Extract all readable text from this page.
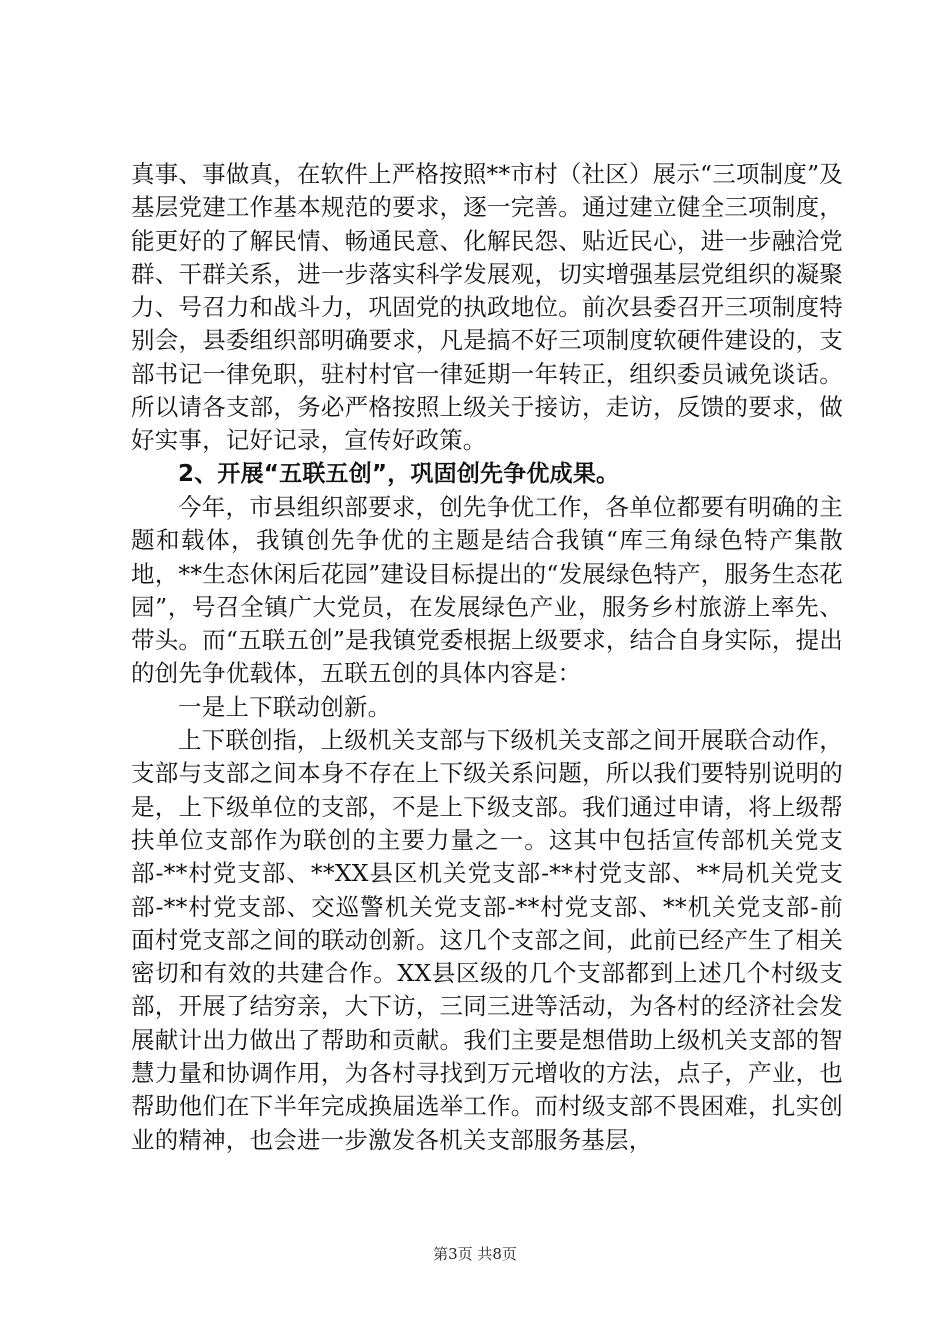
真事、事做真，在软件上严格按照**市村（社区）展示“三项制度”及基层党建工作基本规范的要求，逐一完善。通过建立健全三项制度，能更好的了解民情、畅通民意、化解民怨、贴近民心，进一步融洽党群、干群关系，进一步落实科学发展观，切实增强基层党组织的凝聚力、号召力和战斗力，巩固党的执政地位。前次县委召开三项制度特别会，县委组织部明确要求，凡是搞不好三项制度软硬件建设的，支部书记一律免职，驻村村官一律延期一年转正，组织委员诫免谈话。所以请各支部，务必严格按照上级关于接访，走访，反馈的要求，做好实事，记好记录，宣传好政策。

2、开展“五联五创”，巩固创先争优成果。

今年，市县组织部要求，创先争优工作，各单位都要有明确的主题和载体，我镇创先争优的主题是结合我镇“库三角绿色特产集散地，**生态休闲后花园”建设目标提出的“发展绿色特产，服务生态花园”，号召全镇广大党员，在发展绿色产业，服务乡村旅游上率先、带头。而“五联五创”是我镇党委根据上级要求，结合自身实际，提出的创先争优载体，五联五创的具体内容是：

一是上下联动创新。

上下联创指，上级机关支部与下级机关支部之间开展联合动作，支部与支部之间本身不存在上下级关系问题，所以我们要特别说明的是，上下级单位的支部，不是上下级支部。我们通过申请，将上级帮扶单位支部作为联创的主要力量之一。这其中包括宣传部机关党支部-**村党支部、**XX县区机关党支部-**村党支部、**局机关党支部-**村党支部、交巡警机关党支部-**村党支部、**机关党支部-前面村党支部之间的联动创新。这几个支部之间，此前已经产生了相关密切和有效的共建合作。XX县区级的几个支部都到上述几个村级支部，开展了结穷亲，大下访，三同三进等活动，为各村的经济社会发展献计出力做出了帮助和贡献。我们主要是想借助上级机关支部的智慧力量和协调作用，为各村寻找到万元增收的方法，点子，产业，也帮助他们在下半年完成换届选举工作。而村级支部不畏困难，扎实创业的精神，也会进一步激发各机关支部服务基层，

第3页 共8页
